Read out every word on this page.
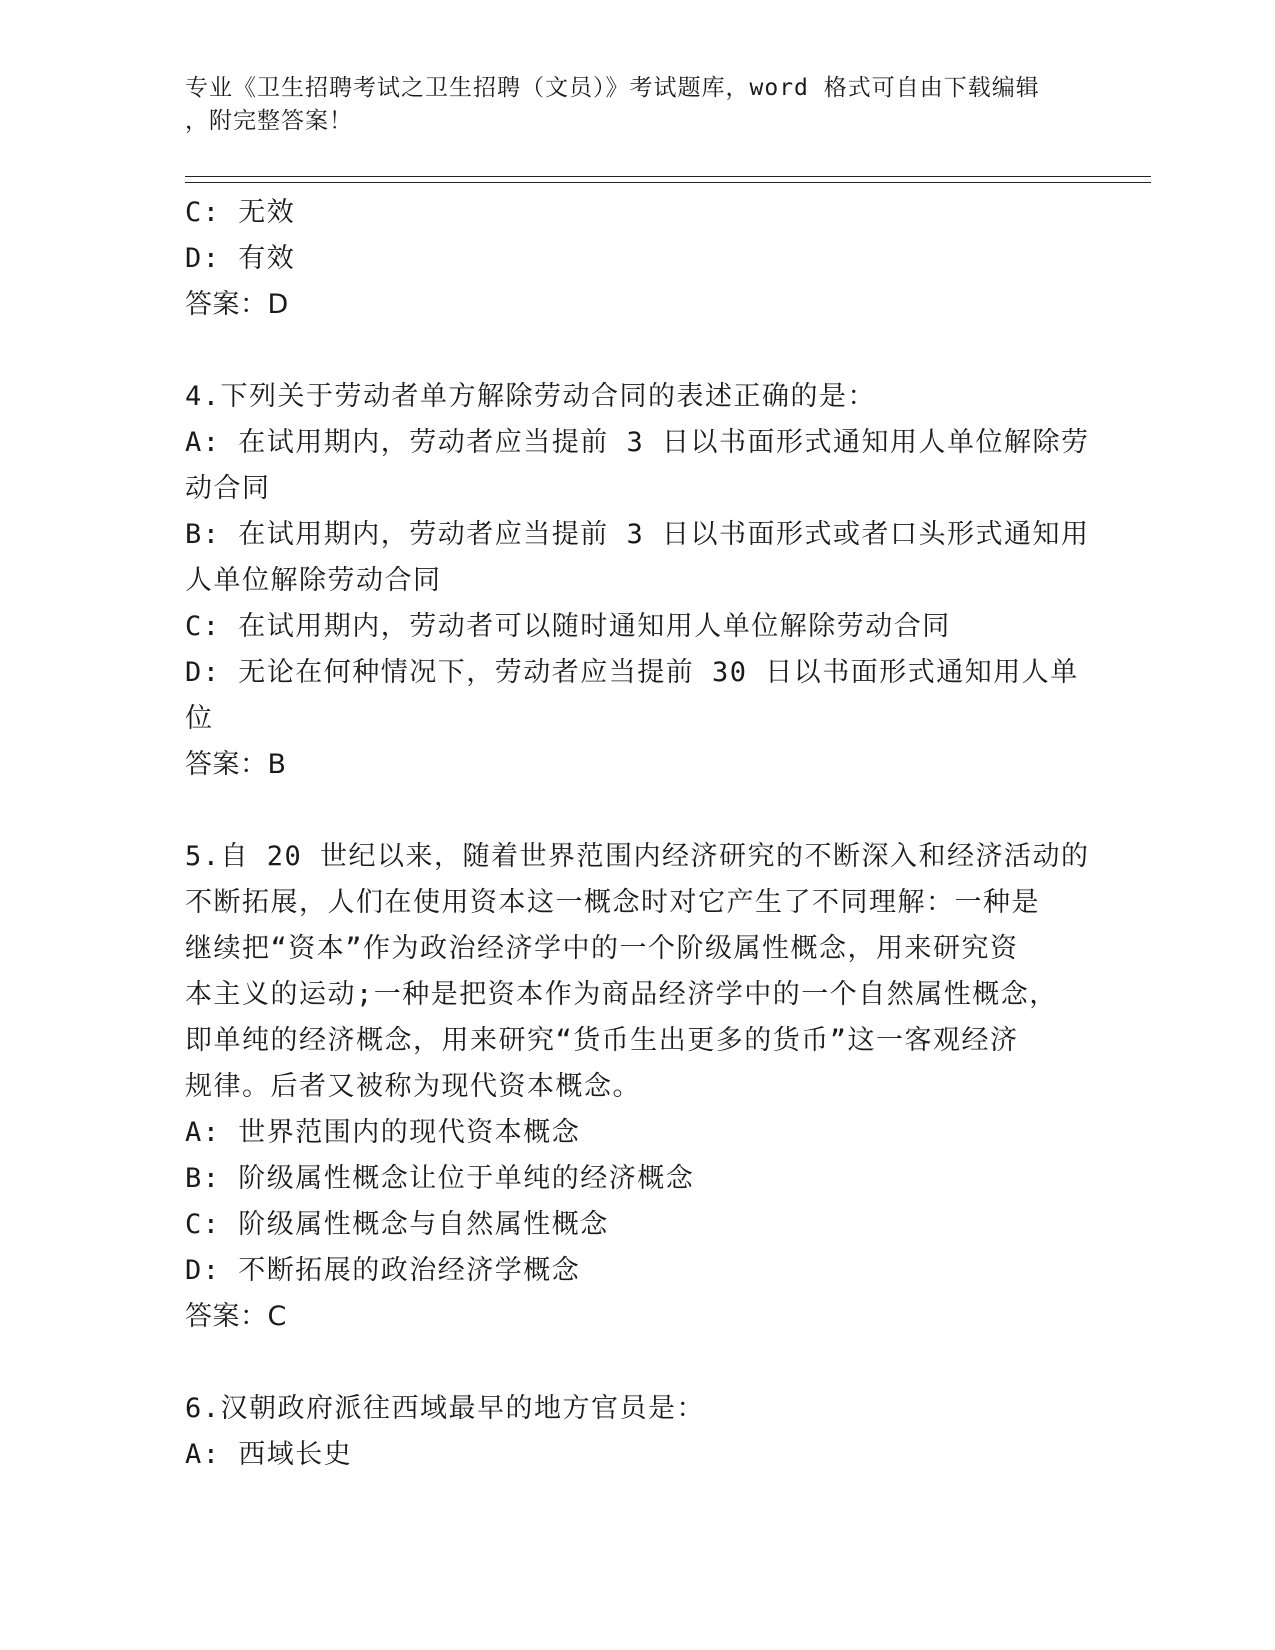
专业《卫生招聘考试之卫生招聘（文员）》考试题库，word 格式可自由下载编辑
，附完整答案！
C: 无效
D: 有效
答案：D
4.下列关于劳动者单方解除劳动合同的表述正确的是：
A: 在试用期内，劳动者应当提前 3 日以书面形式通知用人单位解除劳
动合同
B: 在试用期内，劳动者应当提前 3 日以书面形式或者口头形式通知用
人单位解除劳动合同
C: 在试用期内，劳动者可以随时通知用人单位解除劳动合同
D: 无论在何种情况下，劳动者应当提前 30 日以书面形式通知用人单
位
答案：B
5.自 20 世纪以来，随着世界范围内经济研究的不断深入和经济活动的
不断拓展，人们在使用资本这一概念时对它产生了不同理解：一种是
继续把“资本”作为政治经济学中的一个阶级属性概念，用来研究资
本主义的运动;一种是把资本作为商品经济学中的一个自然属性概念，
即单纯的经济概念，用来研究“货币生出更多的货币”这一客观经济
规律。后者又被称为现代资本概念。
A: 世界范围内的现代资本概念
B: 阶级属性概念让位于单纯的经济概念
C: 阶级属性概念与自然属性概念
D: 不断拓展的政治经济学概念
答案：C
6.汉朝政府派往西域最早的地方官员是：
A: 西域长史
